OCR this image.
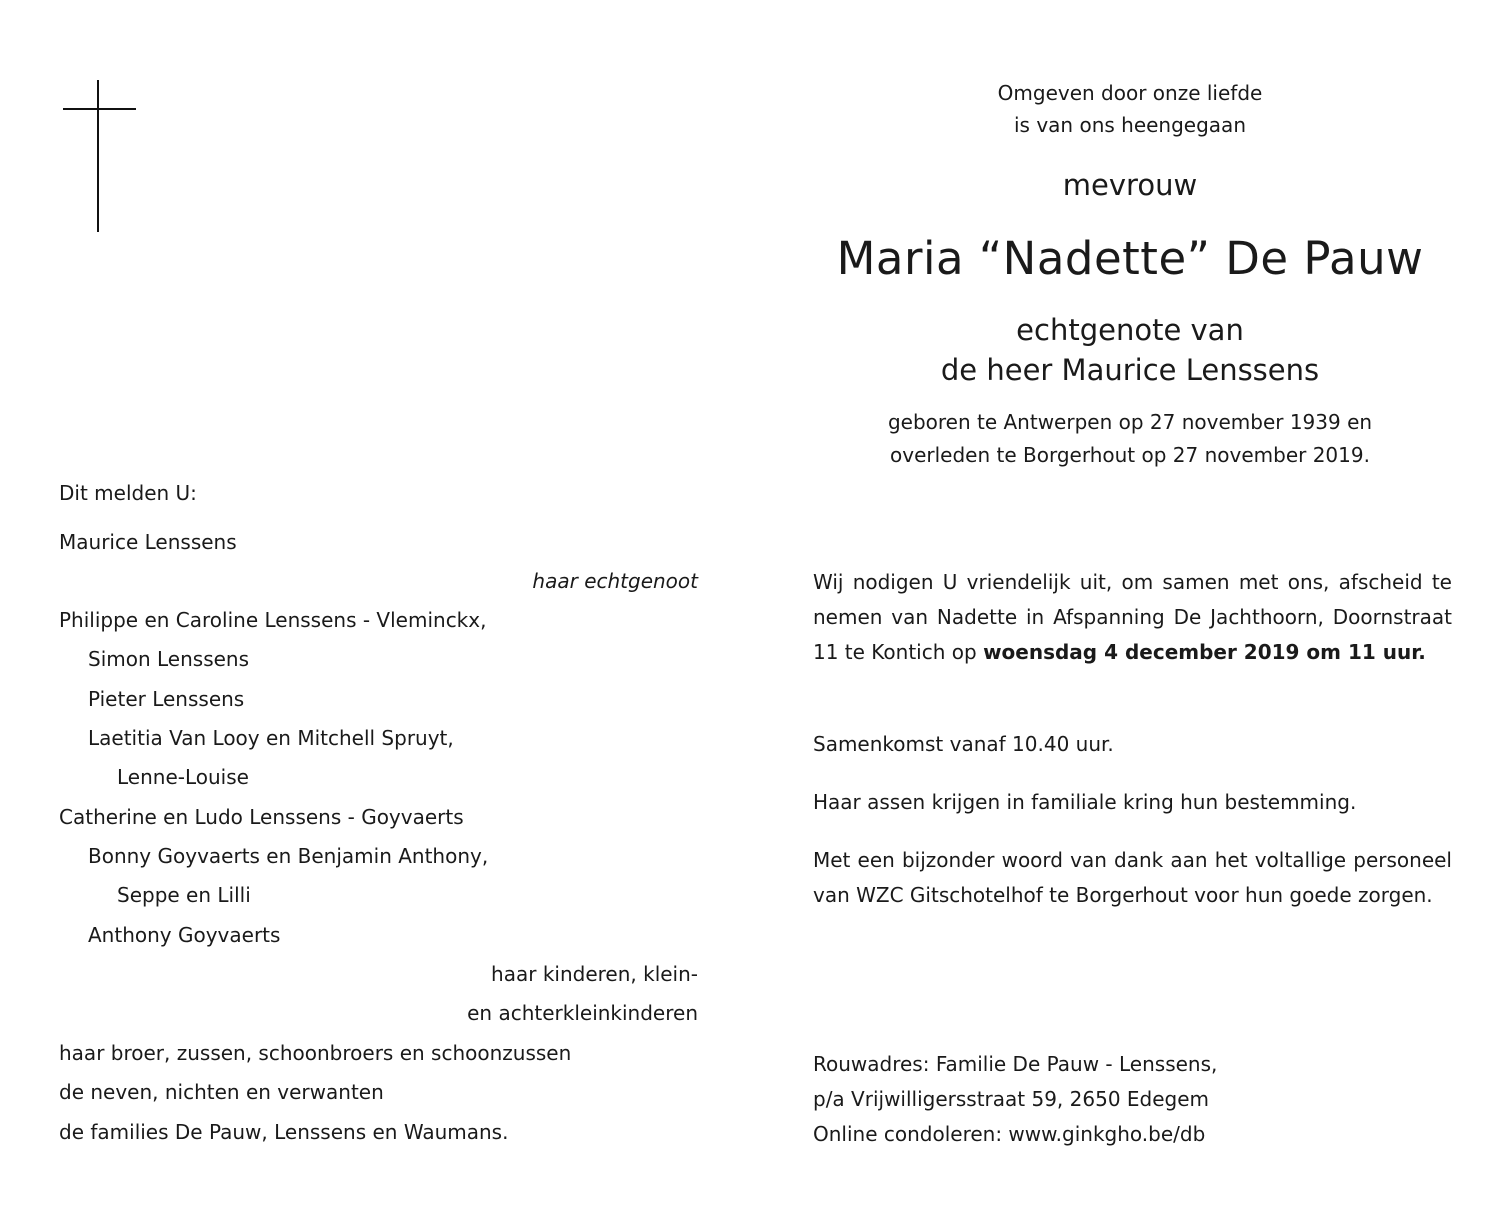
Omgeven door onze liefde
is van ons heengegaan
mevrouw
Maria “Nadette” De Pauw
echtgenote van
de heer Maurice Lenssens
geboren te Antwerpen op 27 november 1939 en
overleden te Borgerhout op 27 november 2019.
Dit melden U:
Maurice Lenssens
haar echtgenoot
Philippe en Caroline Lenssens - Vleminckx,
Simon Lenssens
Pieter Lenssens
Laetitia Van Looy en Mitchell Spruyt,
Lenne-Louise
Catherine en Ludo Lenssens - Goyvaerts
Bonny Goyvaerts en Benjamin Anthony,
Seppe en Lilli
Anthony Goyvaerts
haar kinderen, klein-
en achterkleinkinderen
haar broer, zussen, schoonbroers en schoonzussen
de neven, nichten en verwanten
de families De Pauw, Lenssens en Waumans.
Wij nodigen U vriendelijk uit, om samen met ons, afscheid te nemen van Nadette in Afspanning De Jachthoorn, Doornstraat 11 te Kontich op woensdag 4 december 2019 om 11 uur.
Samenkomst vanaf 10.40 uur.
Haar assen krijgen in familiale kring hun bestemming.
Met een bijzonder woord van dank aan het voltallige personeel van WZC Gitschotelhof te Borgerhout voor hun goede zorgen.
Rouwadres: Familie De Pauw - Lenssens,
p/a Vrijwilligersstraat 59, 2650 Edegem
Online condoleren: www.ginkgho.be/db
